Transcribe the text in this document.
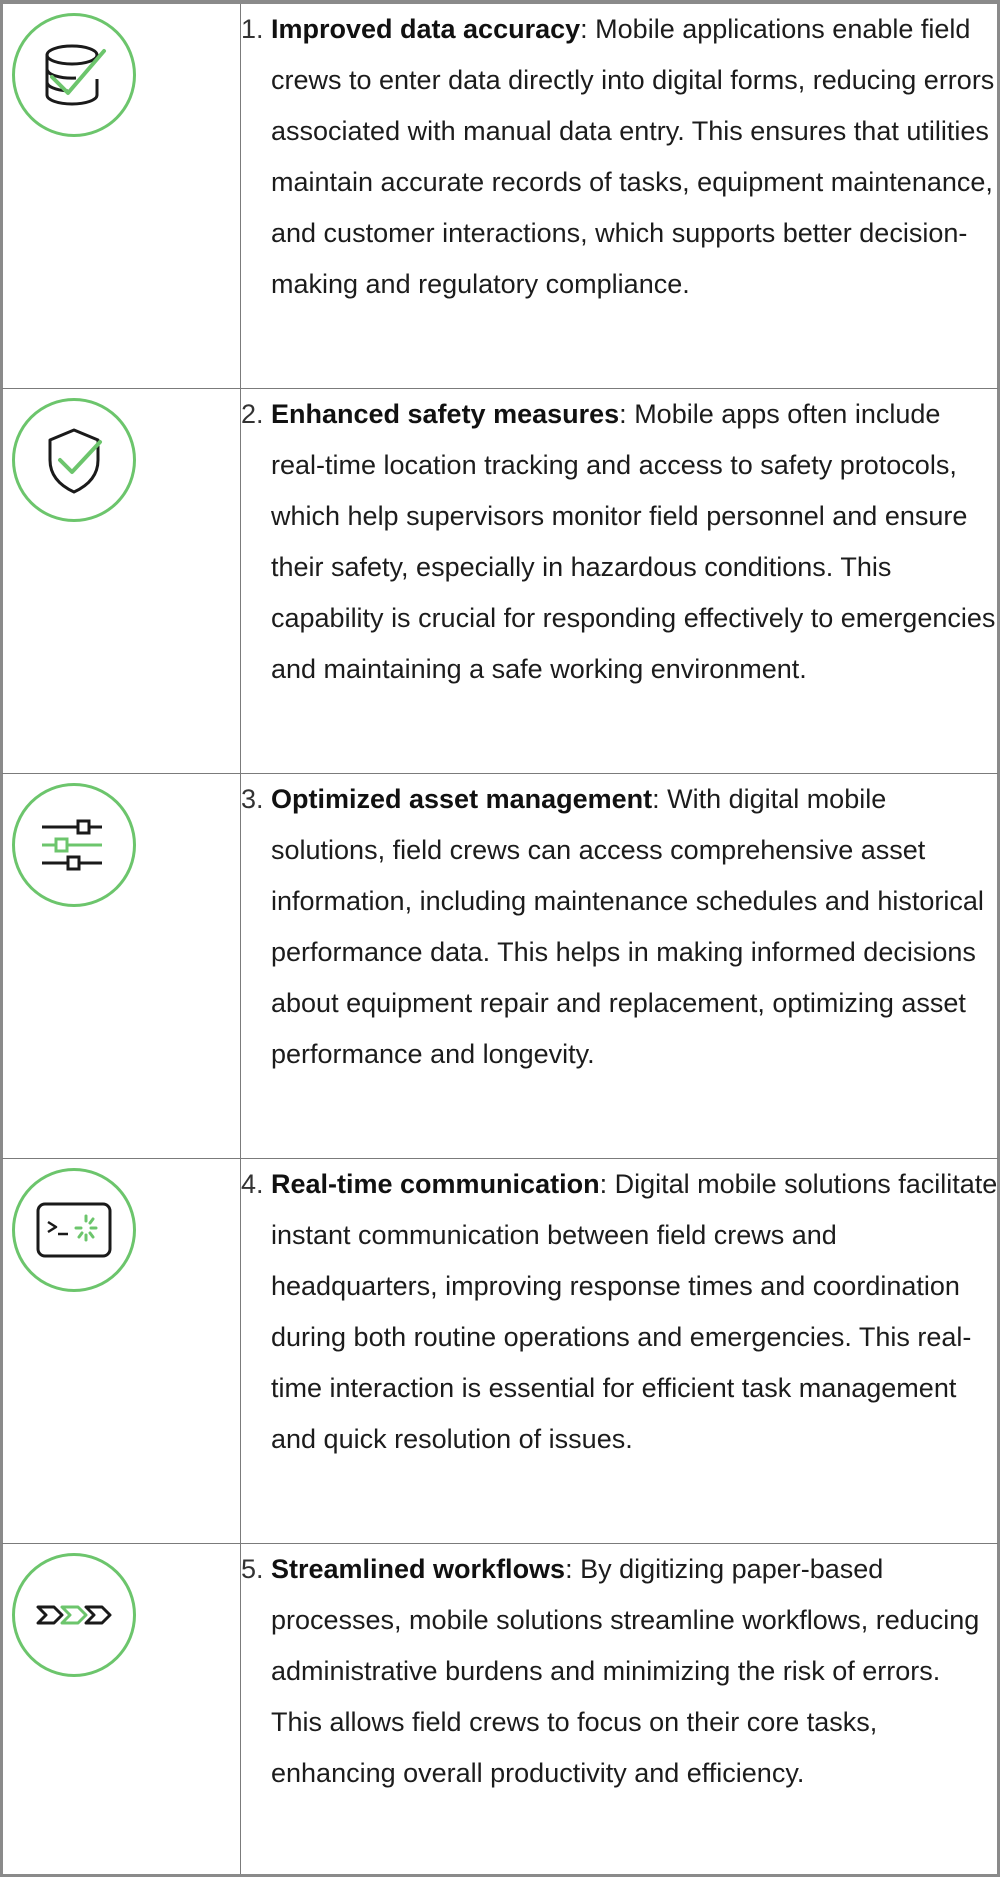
1. Improved data accuracy: Mobile applications enable field crews to enter data directly into digital forms, reducing errors associated with manual data entry. This ensures that utilities maintain accurate records of tasks, equipment maintenance, and customer interactions, which supports better decision-making and regulatory compliance.

2. Enhanced safety measures: Mobile apps often include real-time location tracking and access to safety protocols, which help supervisors monitor field personnel and ensure their safety, especially in hazardous conditions. This capability is crucial for responding effectively to emergencies and maintaining a safe working environment.

3. Optimized asset management: With digital mobile solutions, field crews can access comprehensive asset information, including maintenance schedules and historical performance data. This helps in making informed decisions about equipment repair and replacement, optimizing asset performance and longevity.

4. Real-time communication: Digital mobile solutions facilitate instant communication between field crews and headquarters, improving response times and coordination during both routine operations and emergencies. This real-time interaction is essential for efficient task management and quick resolution of issues.

5. Streamlined workflows: By digitizing paper-based processes, mobile solutions streamline workflows, reducing administrative burdens and minimizing the risk of errors. This allows field crews to focus on their core tasks, enhancing overall productivity and efficiency.
